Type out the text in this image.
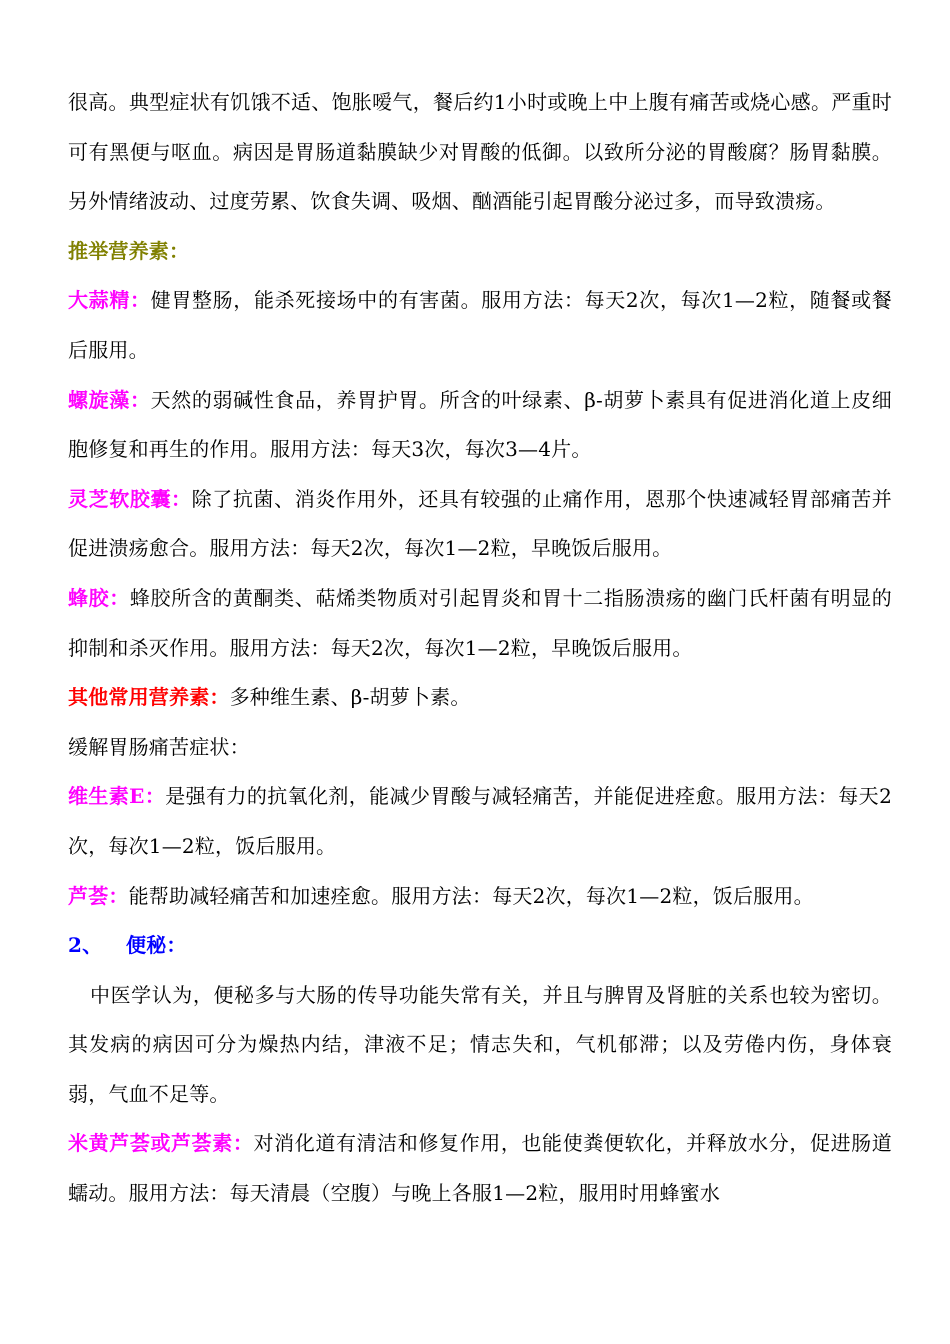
很高。典型症状有饥饿不适、饱胀嗳气，餐后约1小时或晚上中上腹有痛苦或烧心感。严重时可有黑便与呕血。病因是胃肠道黏膜缺少对胃酸的低御。以致所分泌的胃酸腐？肠胃黏膜。另外情绪波动、过度劳累、饮食失调、吸烟、酗酒能引起胃酸分泌过多，而导致溃疡。

推举营养素：

大蒜精：健胃整肠，能杀死接场中的有害菌。服用方法：每天2次，每次1—2粒，随餐或餐后服用。

螺旋藻：天然的弱碱性食品，养胃护胃。所含的叶绿素、β-胡萝卜素具有促进消化道上皮细胞修复和再生的作用。服用方法：每天3次，每次3—4片。

灵芝软胶囊：除了抗菌、消炎作用外，还具有较强的止痛作用，恩那个快速减轻胃部痛苦并促进溃疡愈合。服用方法：每天2次，每次1—2粒，早晚饭后服用。

蜂胶：蜂胶所含的黄酮类、萜烯类物质对引起胃炎和胃十二指肠溃疡的幽门氏杆菌有明显的抑制和杀灭作用。服用方法：每天2次，每次1—2粒，早晚饭后服用。

其他常用营养素：多种维生素、β-胡萝卜素。

缓解胃肠痛苦症状：

维生素E：是强有力的抗氧化剂，能减少胃酸与减轻痛苦，并能促进痊愈。服用方法：每天2次，每次1—2粒，饭后服用。

芦荟：能帮助减轻痛苦和加速痊愈。服用方法：每天2次，每次1—2粒，饭后服用。

2、 便秘：

中医学认为，便秘多与大肠的传导功能失常有关，并且与脾胃及肾脏的关系也较为密切。其发病的病因可分为燥热内结，津液不足；情志失和，气机郁滞；以及劳倦内伤，身体衰弱，气血不足等。

米黄芦荟或芦荟素：对消化道有清洁和修复作用，也能使粪便软化，并释放水分，促进肠道蠕动。服用方法：每天清晨（空腹）与晚上各服1—2粒，服用时用蜂蜜水
